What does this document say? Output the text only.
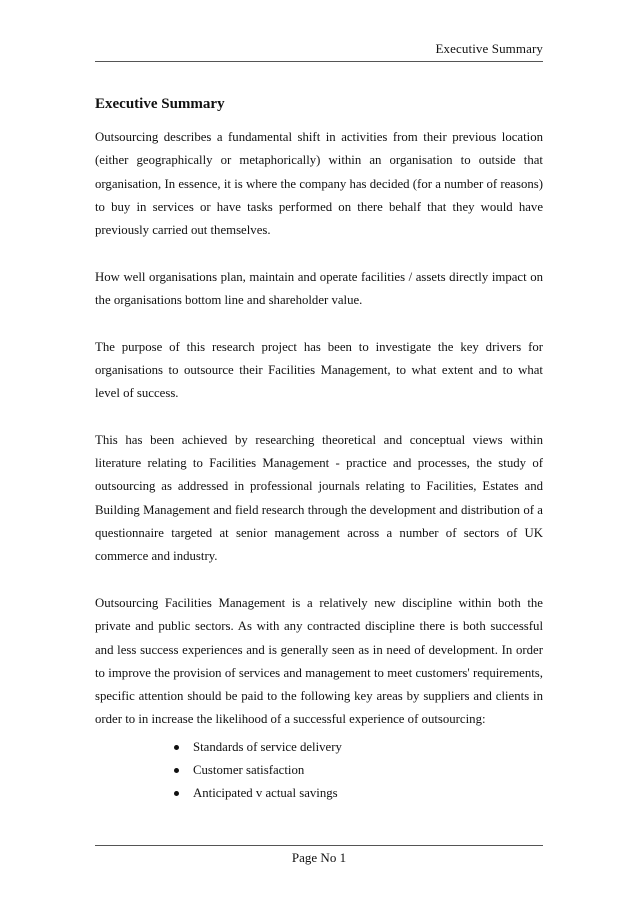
Executive Summary
Executive Summary

Outsourcing describes a fundamental shift in activities from their previous location (either geographically or metaphorically) within an organisation to outside that organisation, In essence, it is where the company has decided (for a number of reasons) to buy in services or have tasks performed on there behalf that they would have previously carried out themselves.

How well organisations plan, maintain and operate facilities / assets directly impact on the organisations bottom line and shareholder value.

The purpose of this research project has been to investigate the key drivers for organisations to outsource their Facilities Management, to what extent and to what level of success.

This has been achieved by researching theoretical and conceptual views within literature relating to Facilities Management - practice and processes, the study of outsourcing as addressed in professional journals relating to Facilities, Estates and Building Management and field research through the development and distribution of a questionnaire targeted at senior management across a number of sectors of UK commerce and industry.

Outsourcing Facilities Management is a relatively new discipline within both the private and public sectors. As with any contracted discipline there is both successful and less success experiences and is generally seen as in need of development. In order to improve the provision of services and management to meet customers' requirements, specific attention should be paid to the following key areas by suppliers and clients in order to in increase the likelihood of a successful experience of outsourcing:

Standards of service delivery
Customer satisfaction
Anticipated v actual savings
Page No 1
